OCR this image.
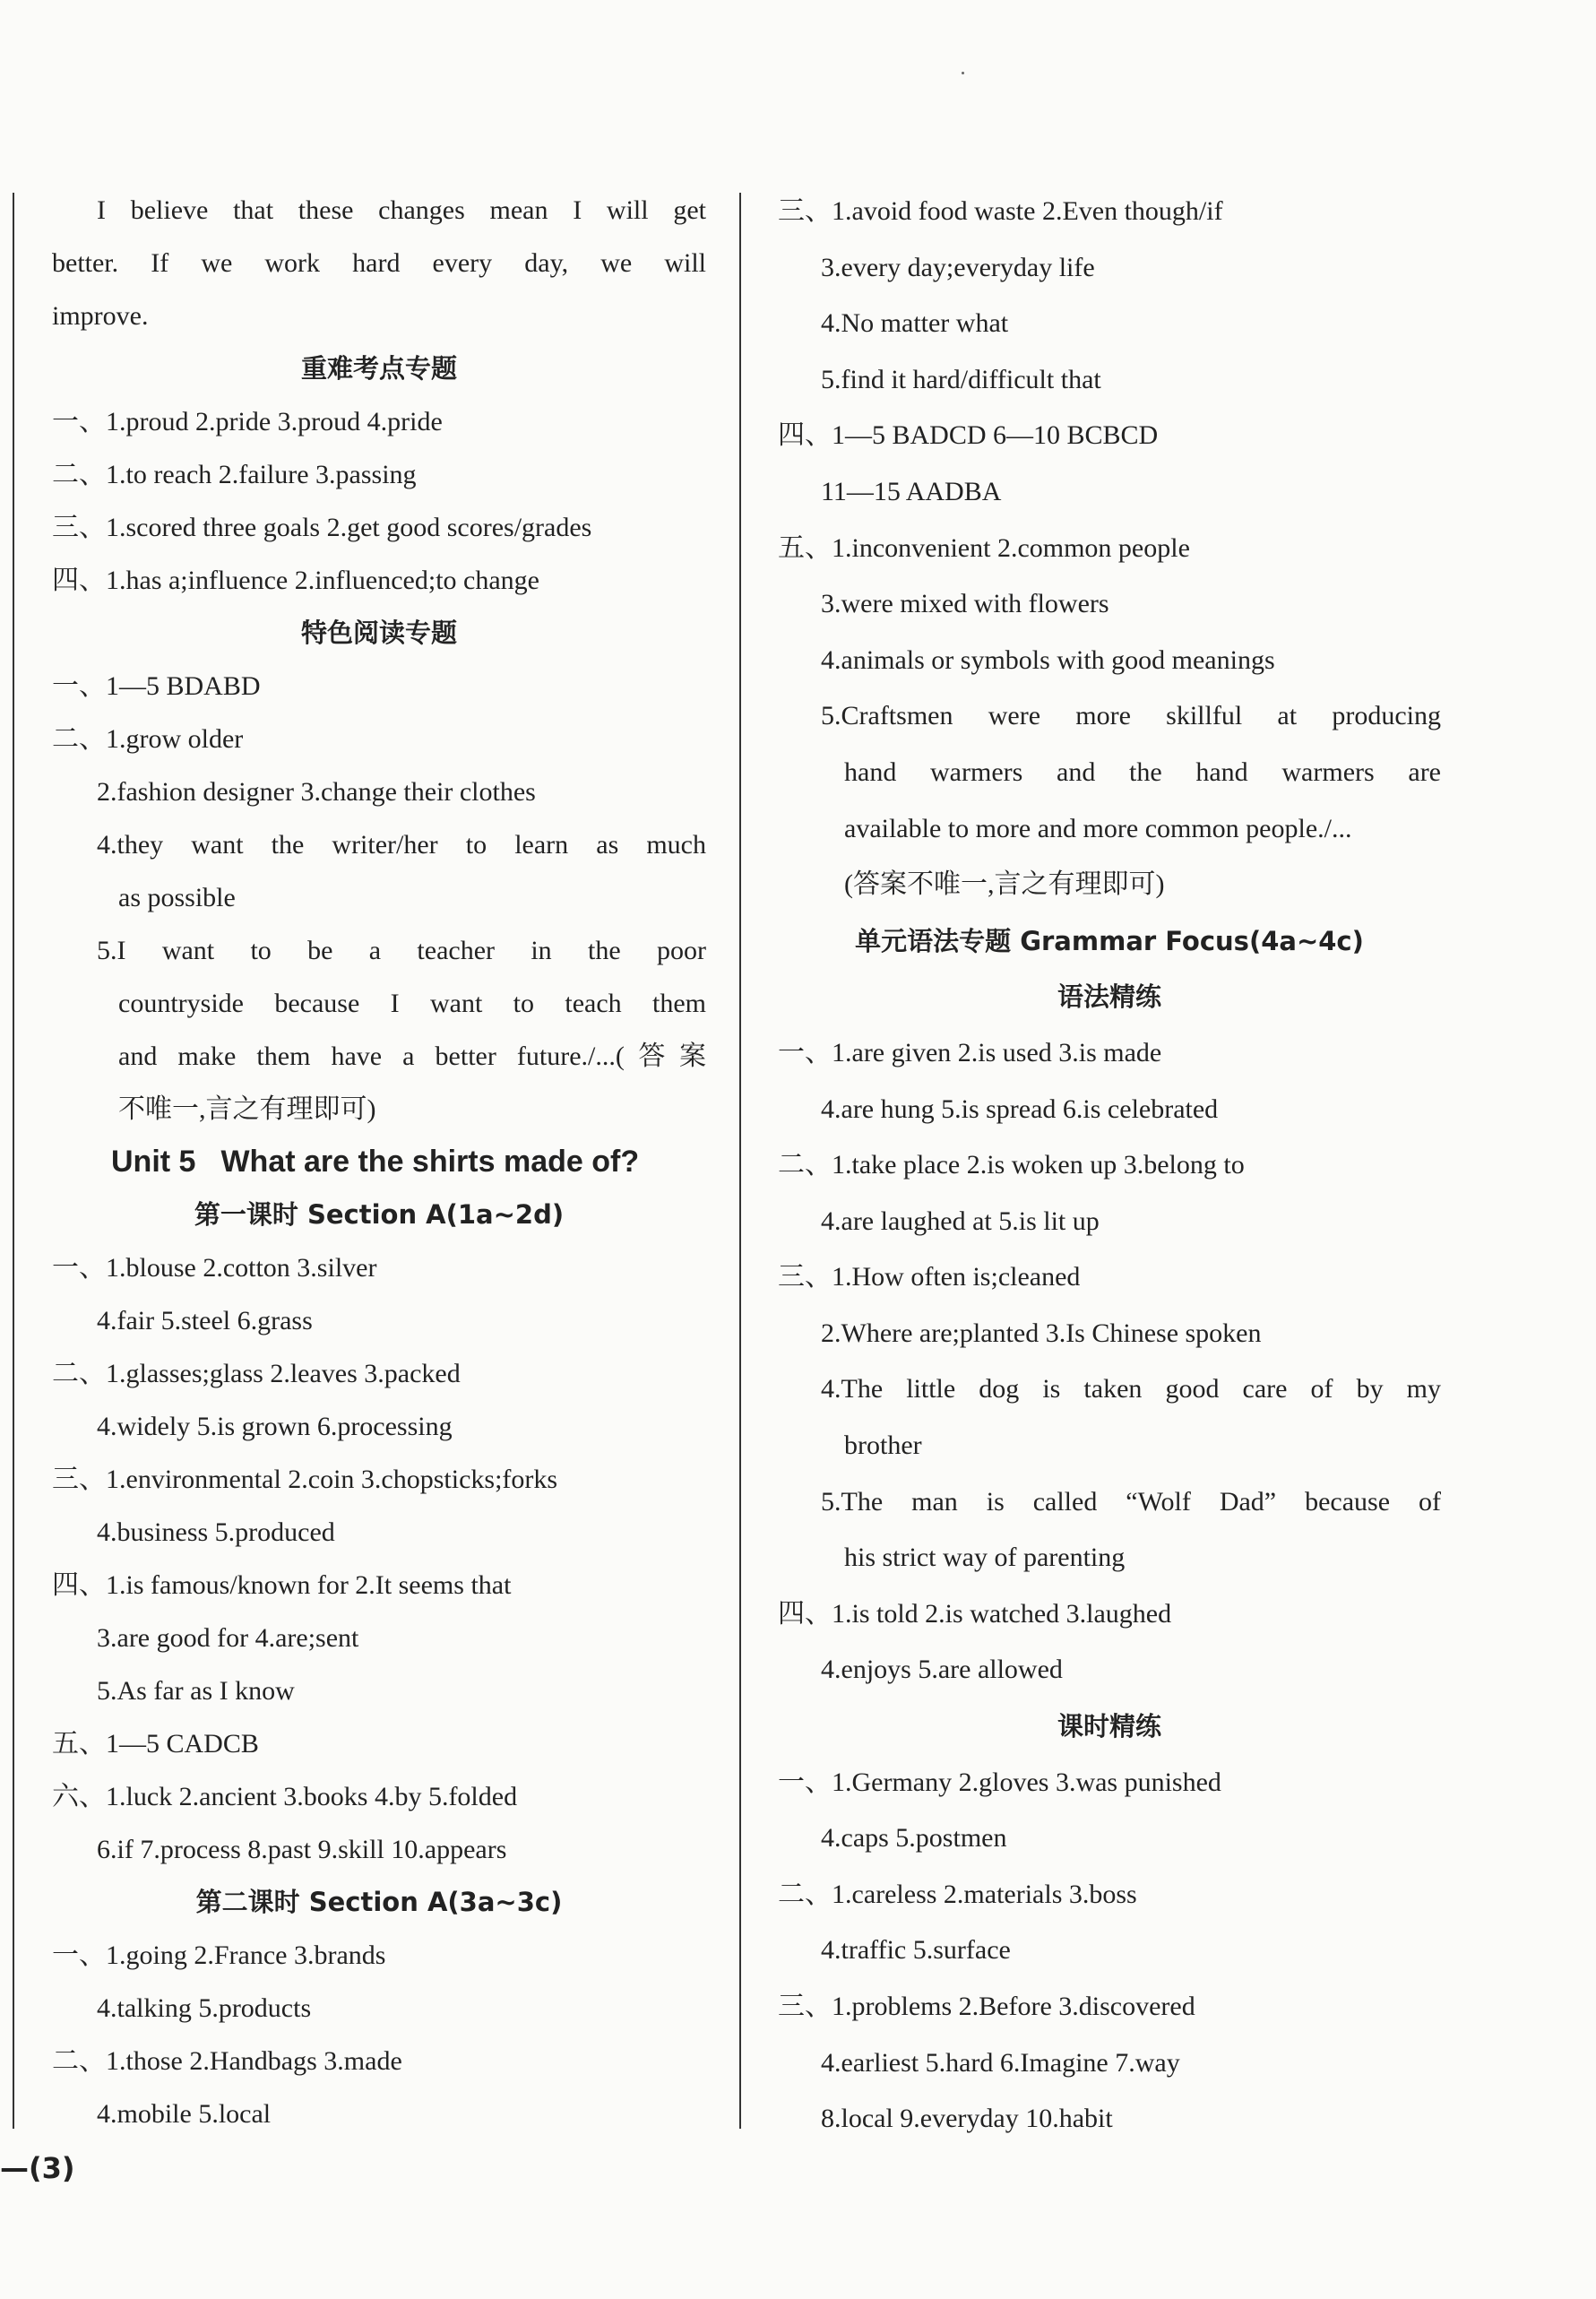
I believe that these changes mean I will get
better. If we work hard every day, we will
improve.
重难考点专题
一、1.proud 2.pride 3.proud 4.pride
二、1.to reach 2.failure 3.passing
三、1.scored three goals 2.get good scores/grades
四、1.has a;influence 2.influenced;to change
特色阅读专题
一、1—5 BDABD
二、1.grow older
2.fashion designer 3.change their clothes
4.they want the writer/her to learn as much
as possible
5.I want to be a teacher in the poor
countryside because I want to teach them
and make them have a better future./...(答案
不唯一,言之有理即可)
Unit 5 What are the shirts made of?
第一课时 Section A(1a~2d)
一、1.blouse 2.cotton 3.silver
4.fair 5.steel 6.grass
二、1.glasses;glass 2.leaves 3.packed
4.widely 5.is grown 6.processing
三、1.environmental 2.coin 3.chopsticks;forks
4.business 5.produced
四、1.is famous/known for 2.It seems that
3.are good for 4.are;sent
5.As far as I know
五、1—5 CADCB
六、1.luck 2.ancient 3.books 4.by 5.folded
6.if 7.process 8.past 9.skill 10.appears
第二课时 Section A(3a~3c)
一、1.going 2.France 3.brands
4.talking 5.products
二、1.those 2.Handbags 3.made
4.mobile 5.local
三、1.avoid food waste 2.Even though/if
3.every day;everyday life
4.No matter what
5.find it hard/difficult that
四、1—5 BADCD 6—10 BCBCD
11—15 AADBA
五、1.inconvenient 2.common people
3.were mixed with flowers
4.animals or symbols with good meanings
5.Craftsmen were more skillful at producing
hand warmers and the hand warmers are
available to more and more common people./...
(答案不唯一,言之有理即可)
单元语法专题 Grammar Focus(4a~4c)
语法精练
一、1.are given 2.is used 3.is made
4.are hung 5.is spread 6.is celebrated
二、1.take place 2.is woken up 3.belong to
4.are laughed at 5.is lit up
三、1.How often is;cleaned
2.Where are;planted 3.Is Chinese spoken
4.The little dog is taken good care of by my
brother
5.The man is called “Wolf Dad” because of
his strict way of parenting
四、1.is told 2.is watched 3.laughed
4.enjoys 5.are allowed
课时精练
一、1.Germany 2.gloves 3.was punished
4.caps 5.postmen
二、1.careless 2.materials 3.boss
4.traffic 5.surface
三、1.problems 2.Before 3.discovered
4.earliest 5.hard 6.Imagine 7.way
8.local 9.everyday 10.habit
—(3)
